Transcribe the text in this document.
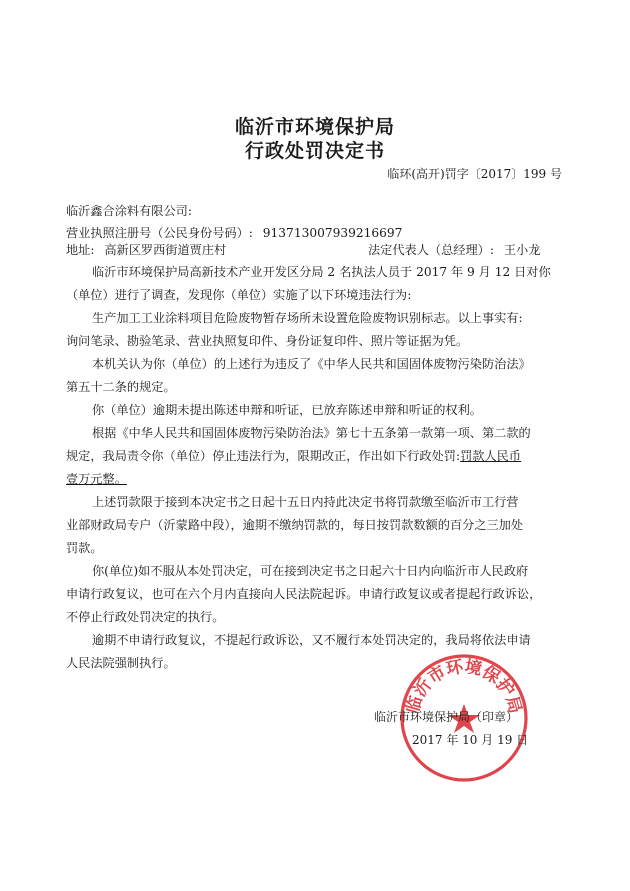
临沂市环境保护局
行政处罚决定书
临环(高开)罚字〔2017〕199 号
临沂鑫合涂料有限公司:
营业执照注册号（公民身份号码）: 913713007939216697
地址: 高新区罗西街道贾庄村	法定代表人（总经理）: 王小龙
临沂市环境保护局高新技术产业开发区分局 2 名执法人员于 2017 年 9 月 12 日对你
（单位）进行了调查，发现你（单位）实施了以下环境违法行为:
生产加工工业涂料项目危险废物暂存场所未设置危险废物识别标志。以上事实有:
询问笔录、勘验笔录、营业执照复印件、身份证复印件、照片等证据为凭。
本机关认为你（单位）的上述行为违反了《中华人民共和国固体废物污染防治法》
第五十二条的规定。
你（单位）逾期未提出陈述申辩和听证，已放弃陈述申辩和听证的权利。
根据《中华人民共和国固体废物污染防治法》第七十五条第一款第一项、第二款的
规定，我局责令你（单位）停止违法行为，限期改正，作出如下行政处罚:罚款人民币
壹万元整。
上述罚款限于接到本决定书之日起十五日内持此决定书将罚款缴至临沂市工行营
业部财政局专户（沂蒙路中段），逾期不缴纳罚款的，每日按罚款数额的百分之三加处
罚款。
你(单位)如不服从本处罚决定，可在接到决定书之日起六十日内向临沂市人民政府
申请行政复议，也可在六个月内直接向人民法院起诉。申请行政复议或者提起行政诉讼，
不停止行政处罚决定的执行。
逾期不申请行政复议，不提起行政诉讼，又不履行本处罚决定的，我局将依法申请
人民法院强制执行。
临沂市环境保护局
临沂市环境保护局（印章）
2017 年 10 月 19 日
